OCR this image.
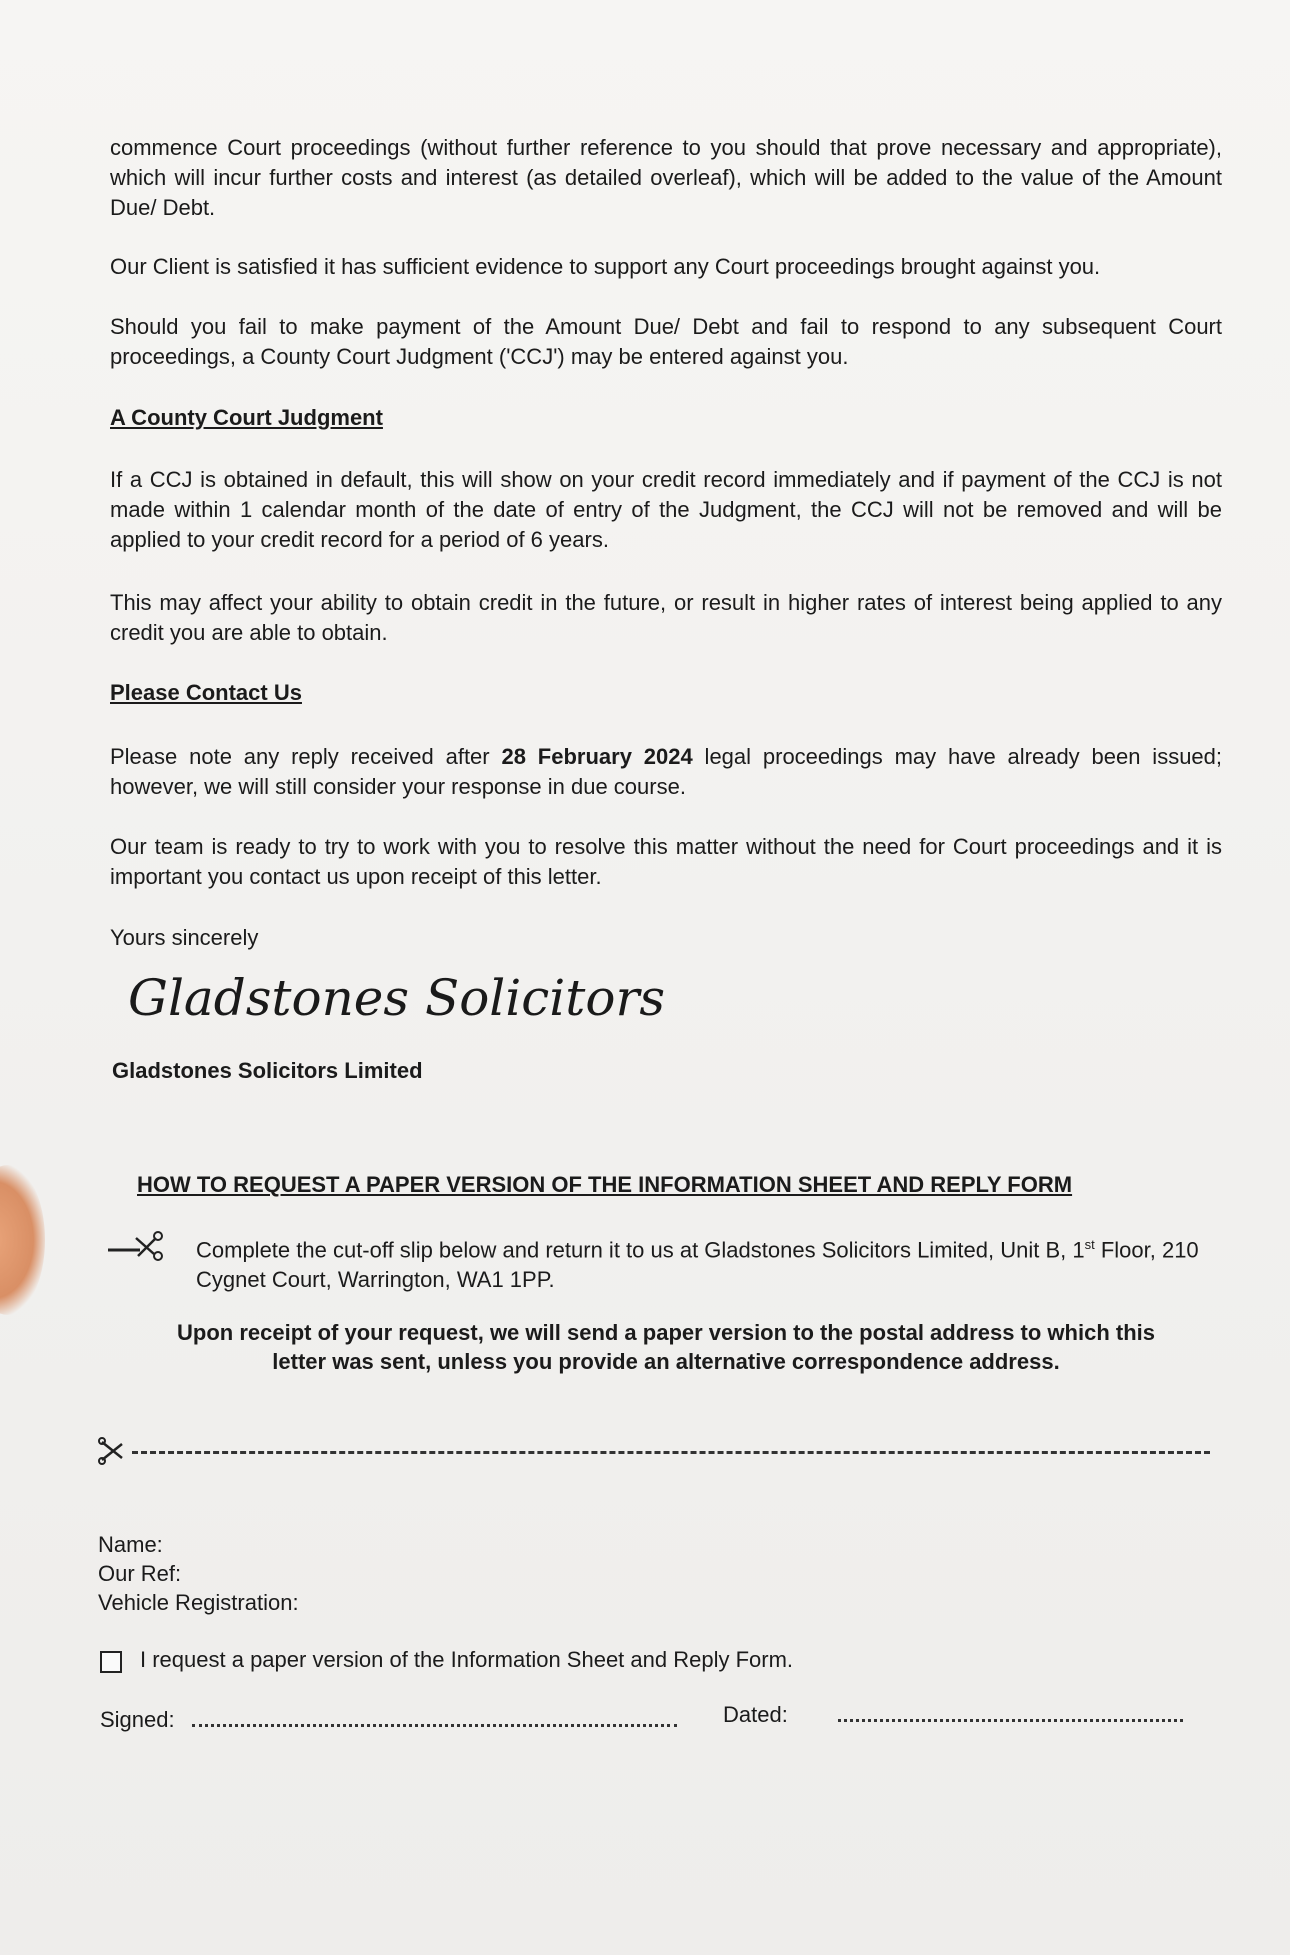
commence Court proceedings (without further reference to you should that prove necessary and appropriate), which will incur further costs and interest (as detailed overleaf), which will be added to the value of the Amount Due/ Debt.

Our Client is satisfied it has sufficient evidence to support any Court proceedings brought against you.

Should you fail to make payment of the Amount Due/ Debt and fail to respond to any subsequent Court proceedings, a County Court Judgment ('CCJ') may be entered against you.

A County Court Judgment

If a CCJ is obtained in default, this will show on your credit record immediately and if payment of the CCJ is not made within 1 calendar month of the date of entry of the Judgment, the CCJ will not be removed and will be applied to your credit record for a period of 6 years.

This may affect your ability to obtain credit in the future, or result in higher rates of interest being applied to any credit you are able to obtain.

Please Contact Us

Please note any reply received after 28 February 2024 legal proceedings may have already been issued; however, we will still consider your response in due course.

Our team is ready to try to work with you to resolve this matter without the need for Court proceedings and it is important you contact us upon receipt of this letter.

Yours sincerely

Gladstones Solicitors
Gladstones Solicitors Limited
HOW TO REQUEST A PAPER VERSION OF THE INFORMATION SHEET AND REPLY FORM
Complete the cut-off slip below and return it to us at Gladstones Solicitors Limited, Unit B, 1st Floor, 210 Cygnet Court, Warrington, WA1 1PP.
Upon receipt of your request, we will send a paper version to the postal address to which this
letter was sent, unless you provide an alternative correspondence address.
Name:
Our Ref:
Vehicle Registration:
I request a paper version of the Information Sheet and Reply Form.
Signed:	Dated:
